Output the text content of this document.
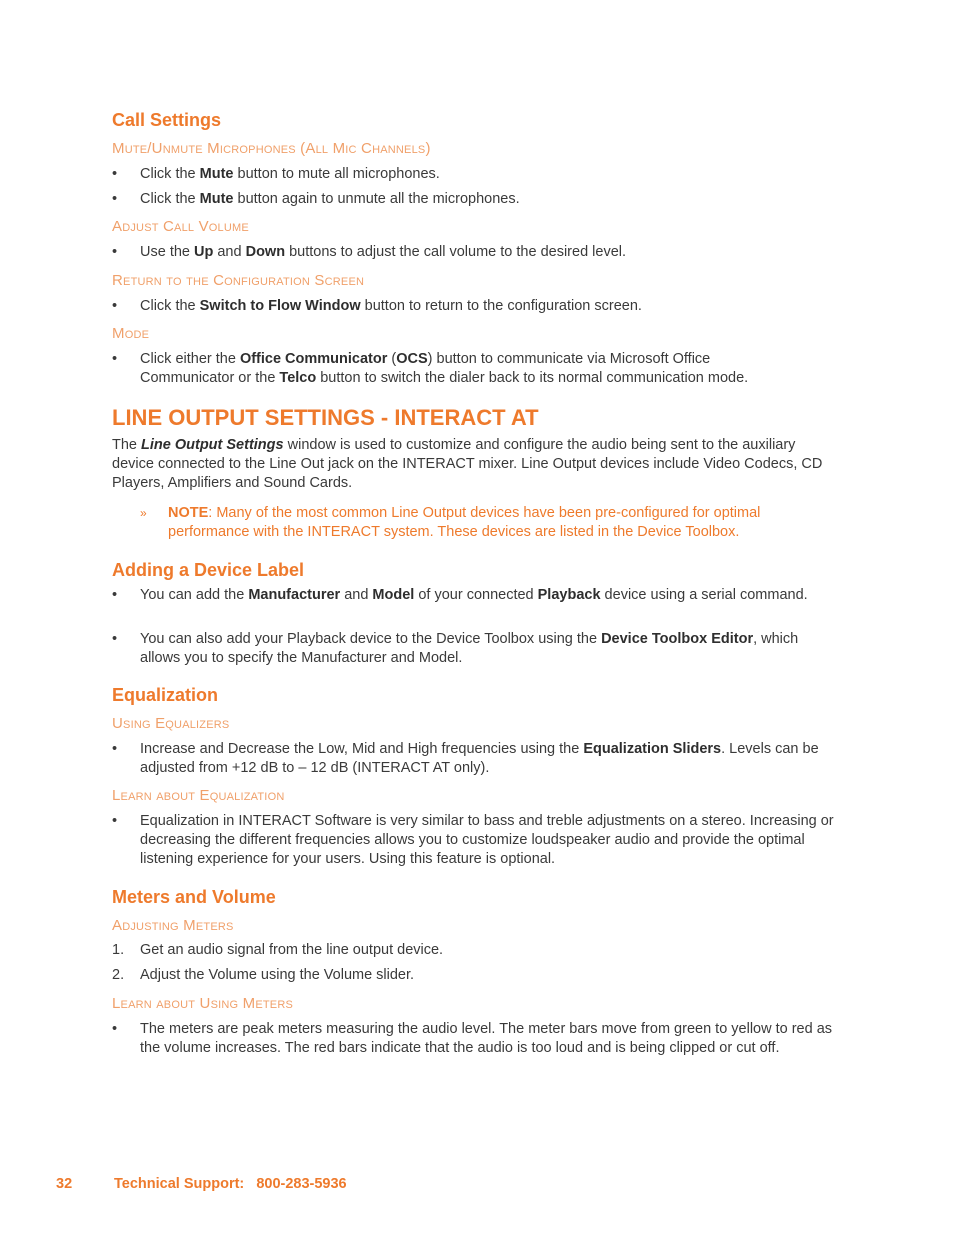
Call Settings
Mute/Unmute Microphones (All Mic Channels)
•	Click the Mute button to mute all microphones.
•	Click the Mute button again to unmute all the microphones.
Adjust Call Volume
•	Use the Up and Down buttons to adjust the call volume to the desired level.
Return to the Configuration Screen
•	Click the Switch to Flow Window button to return to the configuration screen.
Mode
•	Click either the Office Communicator (OCS) button to communicate via Microsoft Office Communicator or the Telco button to switch the dialer back to its normal communication mode.
LINE OUTPUT SETTINGS - INTERACT AT
The Line Output Settings window is used to customize and configure the audio being sent to the auxiliary device connected to the Line Out jack on the INTERACT mixer. Line Output devices include Video Codecs, CD Players, Amplifiers and Sound Cards.
» NOTE: Many of the most common Line Output devices have been pre-configured for optimal performance with the INTERACT system. These devices are listed in the Device Toolbox.
Adding a Device Label
•	You can add the Manufacturer and Model of your connected Playback device using a serial command.
•	You can also add your Playback device to the Device Toolbox using the Device Toolbox Editor, which allows you to specify the Manufacturer and Model.
Equalization
Using Equalizers
•	Increase and Decrease the Low, Mid and High frequencies using the Equalization Sliders. Levels can be adjusted from +12 dB to – 12 dB (INTERACT AT only).
Learn about Equalization
•	Equalization in INTERACT Software is very similar to bass and treble adjustments on a stereo. Increasing or decreasing the different frequencies allows you to customize loudspeaker audio and provide the optimal listening experience for your users. Using this feature is optional.
Meters and Volume
Adjusting Meters
1.	Get an audio signal from the line output device.
2.	Adjust the Volume using the Volume slider.
Learn about Using Meters
•	The meters are peak meters measuring the audio level. The meter bars move from green to yellow to red as the volume increases. The red bars indicate that the audio is too loud and is being clipped or cut off.
32	Technical Support:   800-283-5936
